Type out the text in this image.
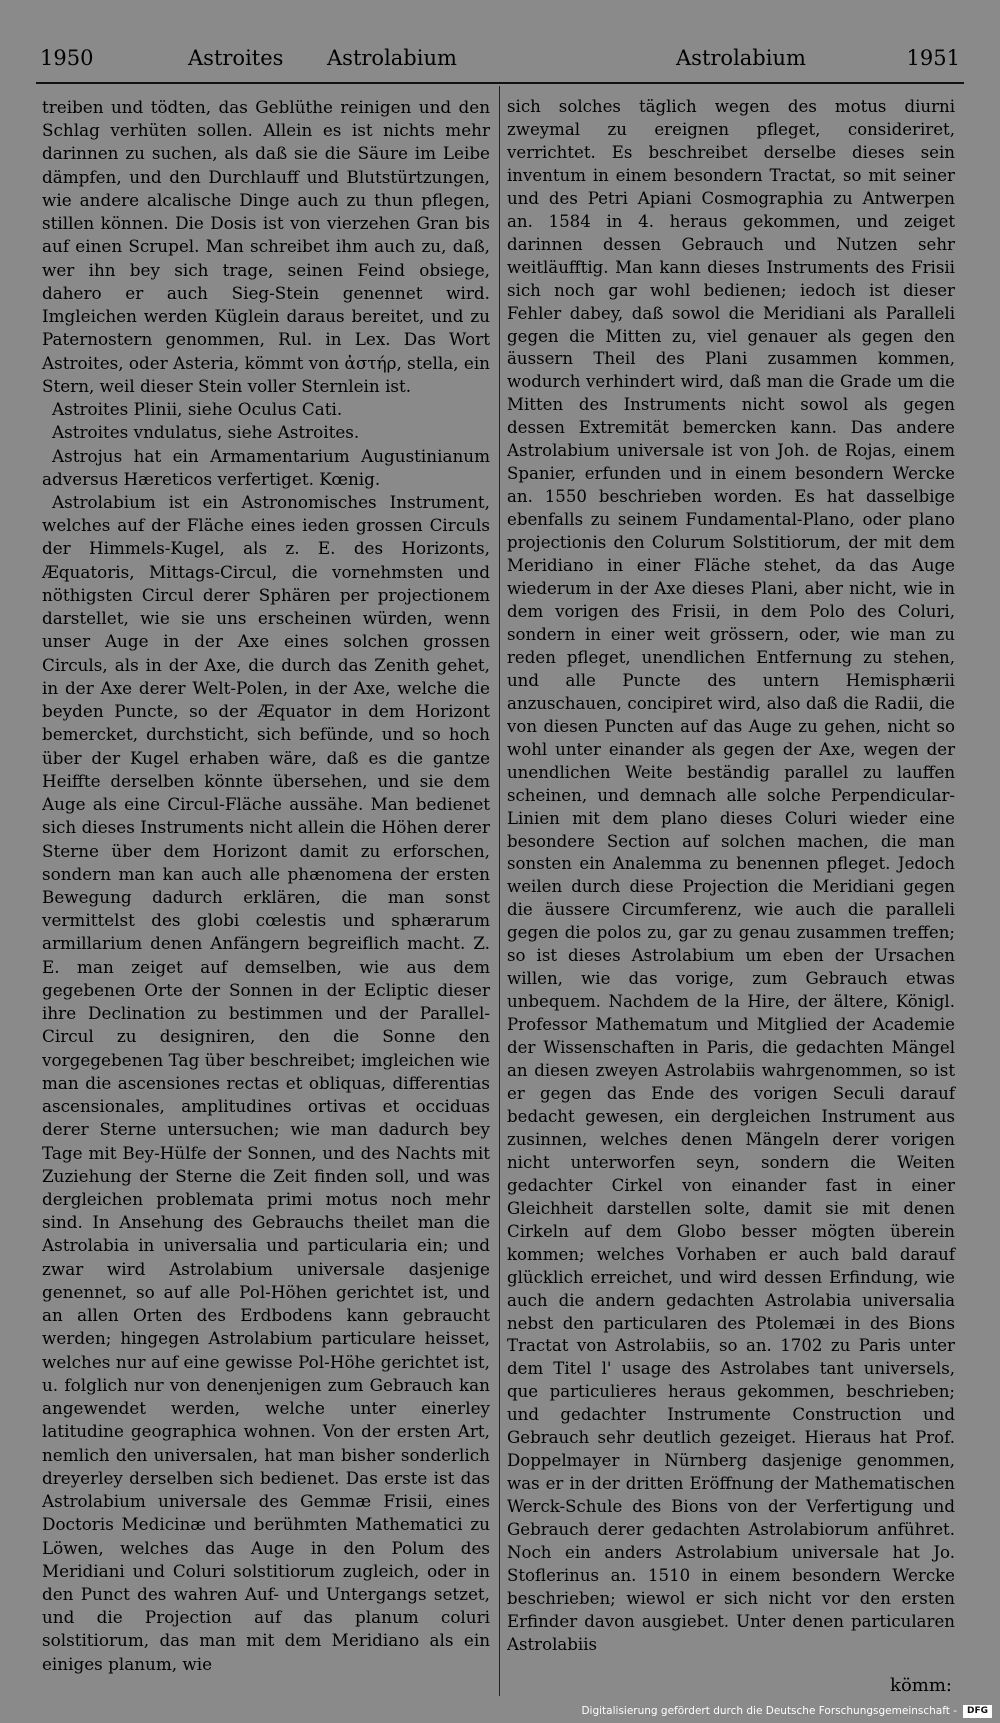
1950	Astroites Astrolabium	Astrolabium	1951

treiben und tödten, das Geblüthe reinigen und den Schlag verhüten sollen. Allein es ist nichts mehr darinnen zu suchen, als daß sie die Säure im Leibe dämpfen, und den Durchlauff und Blutstürtzungen, wie andere alcalische Dinge auch zu thun pflegen, stillen können. Die Dosis ist von vierzehen Gran bis auf einen Scrupel. Man schreibet ihm auch zu, daß, wer ihn bey sich trage, seinen Feind obsiege, dahero er auch Sieg-Stein genennet wird. Imgleichen werden Küglein daraus bereitet, und zu Paternostern genommen, Rul. in Lex. Das Wort Astroites, oder Asteria, kömmt von ἀστήρ, stella, ein Stern, weil dieser Stein voller Sternlein ist.

Astroites Plinii, siehe Oculus Cati.

Astroites vndulatus, siehe Astroites.

Astrojus hat ein Armamentarium Augustinianum adversus Hæreticos verfertiget. Kœnig.

Astrolabium ist ein Astronomisches Instrument, welches auf der Fläche eines ieden grossen Circuls der Himmels-Kugel, als z. E. des Horizonts, Æquatoris, Mittags-Circul, die vornehmsten und nöthigsten Circul derer Sphären per projectionem darstellet, wie sie uns erscheinen würden, wenn unser Auge in der Axe eines solchen grossen Circuls, als in der Axe, die durch das Zenith gehet, in der Axe derer Welt-Polen, in der Axe, welche die beyden Puncte, so der Æquator in dem Horizont bemercket, durchsticht, sich befünde, und so hoch über der Kugel erhaben wäre, daß es die gantze Heiffte derselben könnte übersehen, und sie dem Auge als eine Circul-Fläche aussähe. Man bedienet sich dieses Instruments nicht allein die Höhen derer Sterne über dem Horizont damit zu erforschen, sondern man kan auch alle phænomena der ersten Bewegung dadurch erklären, die man sonst vermittelst des globi cœlestis und sphærarum armillarium denen Anfängern begreiflich macht. Z. E. man zeiget auf demselben, wie aus dem gegebenen Orte der Sonnen in der Ecliptic dieser ihre Declination zu bestimmen und der Parallel-Circul zu designiren, den die Sonne den vorgegebenen Tag über beschreibet; imgleichen wie man die ascensiones rectas et obliquas, differentias ascensionales, amplitudines ortivas et occiduas derer Sterne untersuchen; wie man dadurch bey Tage mit Bey-Hülfe der Sonnen, und des Nachts mit Zuziehung der Sterne die Zeit finden soll, und was dergleichen problemata primi motus noch mehr sind. In Ansehung des Gebrauchs theilet man die Astrolabia in universalia und particularia ein; und zwar wird Astrolabium universale dasjenige genennet, so auf alle Pol-Höhen gerichtet ist, und an allen Orten des Erdbodens kann gebraucht werden; hingegen Astrolabium particulare heisset, welches nur auf eine gewisse Pol-Höhe gerichtet ist, u. folglich nur von denenjenigen zum Gebrauch kan angewendet werden, welche unter einerley latitudine geographica wohnen. Von der ersten Art, nemlich den universalen, hat man bisher sonderlich dreyerley derselben sich bedienet. Das erste ist das Astrolabium universale des Gemmæ Frisii, eines Doctoris Medicinæ und berühmten Mathematici zu Löwen, welches das Auge in den Polum des Meridiani und Coluri solstitiorum zugleich, oder in den Punct des wahren Auf- und Untergangs setzet, und die Projection auf das planum coluri solstitiorum, das man mit dem Meridiano als ein einiges planum, wie

sich solches täglich wegen des motus diurni zweymal zu ereignen pfleget, consideriret, verrichtet. Es beschreibet derselbe dieses sein inventum in einem besondern Tractat, so mit seiner und des Petri Apiani Cosmographia zu Antwerpen an. 1584 in 4. heraus gekommen, und zeiget darinnen dessen Gebrauch und Nutzen sehr weitläufftig. Man kann dieses Instruments des Frisii sich noch gar wohl bedienen; iedoch ist dieser Fehler dabey, daß sowol die Meridiani als Paralleli gegen die Mitten zu, viel genauer als gegen den äussern Theil des Plani zusammen kommen, wodurch verhindert wird, daß man die Grade um die Mitten des Instruments nicht sowol als gegen dessen Extremität bemercken kann. Das andere Astrolabium universale ist von Joh. de Rojas, einem Spanier, erfunden und in einem besondern Wercke an. 1550 beschrieben worden. Es hat dasselbige ebenfalls zu seinem Fundamental-Plano, oder plano projectionis den Colurum Solstitiorum, der mit dem Meridiano in einer Fläche stehet, da das Auge wiederum in der Axe dieses Plani, aber nicht, wie in dem vorigen des Frisii, in dem Polo des Coluri, sondern in einer weit grössern, oder, wie man zu reden pfleget, unendlichen Entfernung zu stehen, und alle Puncte des untern Hemisphærii anzuschauen, concipiret wird, also daß die Radii, die von diesen Puncten auf das Auge zu gehen, nicht so wohl unter einander als gegen der Axe, wegen der unendlichen Weite beständig parallel zu lauffen scheinen, und demnach alle solche Perpendicular-Linien mit dem plano dieses Coluri wieder eine besondere Section auf solchen machen, die man sonsten ein Analemma zu benennen pfleget. Jedoch weilen durch diese Projection die Meridiani gegen die äussere Circumferenz, wie auch die paralleli gegen die polos zu, gar zu genau zusammen treffen; so ist dieses Astrolabium um eben der Ursachen willen, wie das vorige, zum Gebrauch etwas unbequem. Nachdem de la Hire, der ältere, Königl. Professor Mathematum und Mitglied der Academie der Wissenschaften in Paris, die gedachten Mängel an diesen zweyen Astrolabiis wahrgenommen, so ist er gegen das Ende des vorigen Seculi darauf bedacht gewesen, ein dergleichen Instrument aus zusinnen, welches denen Mängeln derer vorigen nicht unterworfen seyn, sondern die Weiten gedachter Cirkel von einander fast in einer Gleichheit darstellen solte, damit sie mit denen Cirkeln auf dem Globo besser mögten überein kommen; welches Vorhaben er auch bald darauf glücklich erreichet, und wird dessen Erfindung, wie auch die andern gedachten Astrolabia universalia nebst den particularen des Ptolemæi in des Bions Tractat von Astrolabiis, so an. 1702 zu Paris unter dem Titel l' usage des Astrolabes tant universels, que particulieres heraus gekommen, beschrieben; und gedachter Instrumente Construction und Gebrauch sehr deutlich gezeiget. Hieraus hat Prof. Doppelmayer in Nürnberg dasjenige genommen, was er in der dritten Eröffnung der Mathematischen Werck-Schule des Bions von der Verfertigung und Gebrauch derer gedachten Astrolabiorum anführet. Noch ein anders Astrolabium universale hat Jo. Stoflerinus an. 1510 in einem besondern Wercke beschrieben; wiewol er sich nicht vor den ersten Erfinder davon ausgiebet. Unter denen particularen Astrolabiis

kömm:
Digitalisierung gefördert durch die Deutsche Forschungsgemeinschaft -	DFG
